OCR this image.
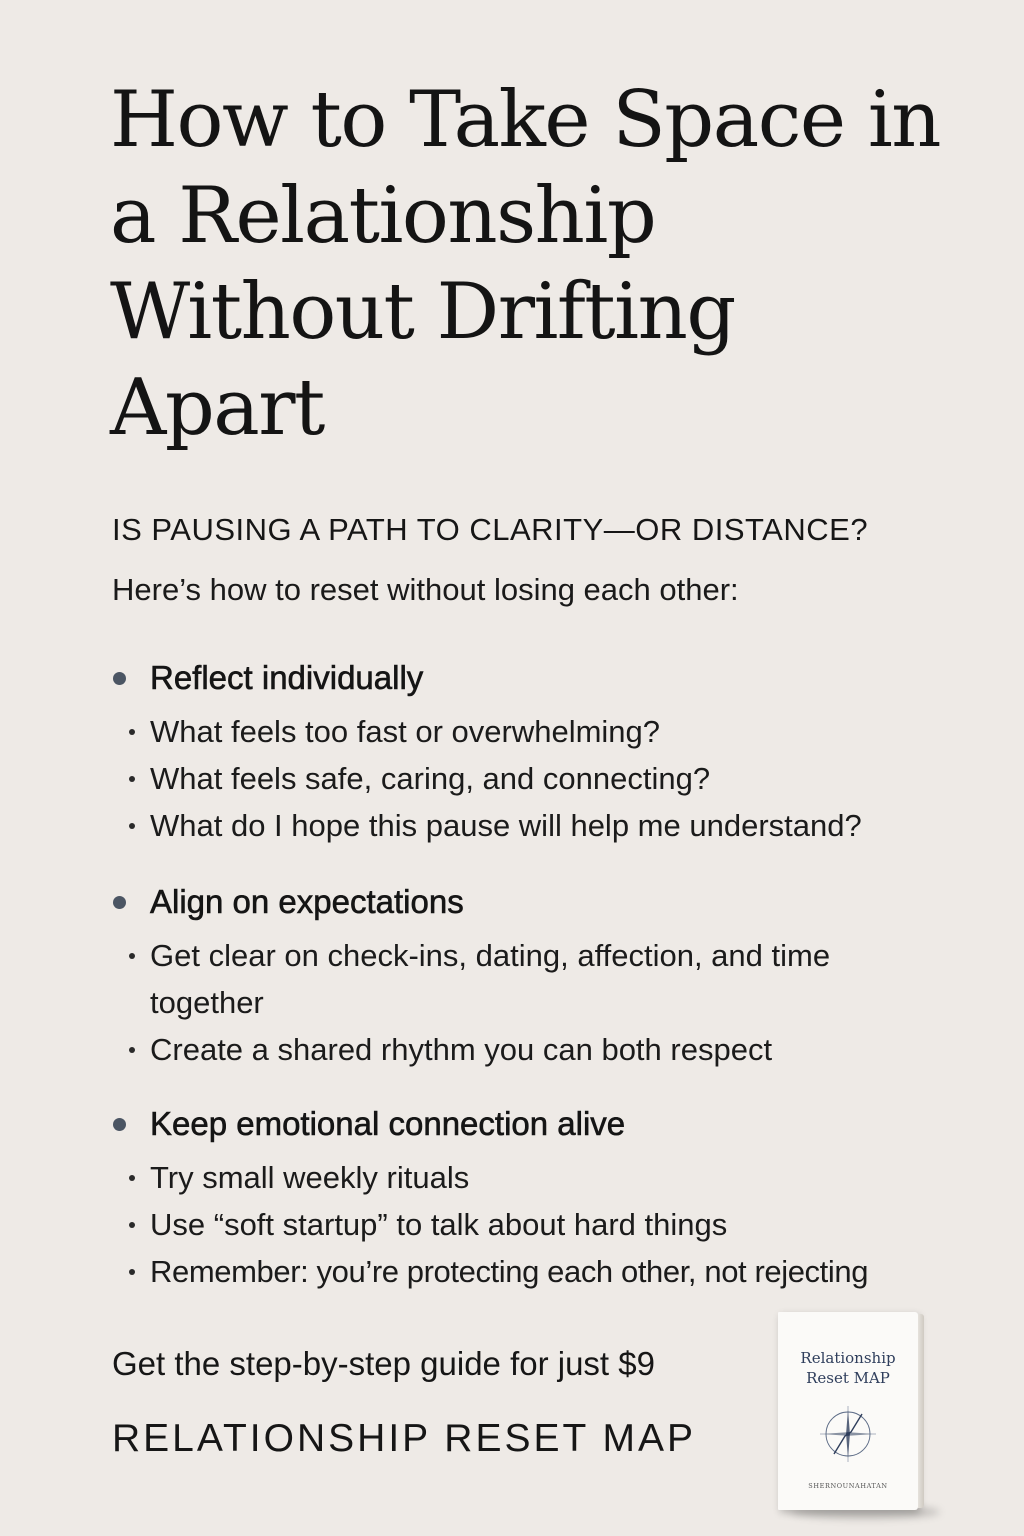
How to Take Space in a Relationship Without Drifting Apart
IS PAUSING A PATH TO CLARITY—OR DISTANCE?

Here’s how to reset without losing each other:

Reflect individually
What feels too fast or overwhelming?
What feels safe, caring, and connecting?
What do I hope this pause will help me understand?
Align on expectations
Get clear on check-ins, dating, affection, and time together
Create a shared rhythm you can both respect
Keep emotional connection alive
Try small weekly rituals
Use “soft startup” to talk about hard things
Remember: you’re protecting each other, not rejecting

Get the step-by-step guide for just $9

RELATIONSHIP RESET MAP

Relationship
Reset MAP
SHERNOUNAHATAN
